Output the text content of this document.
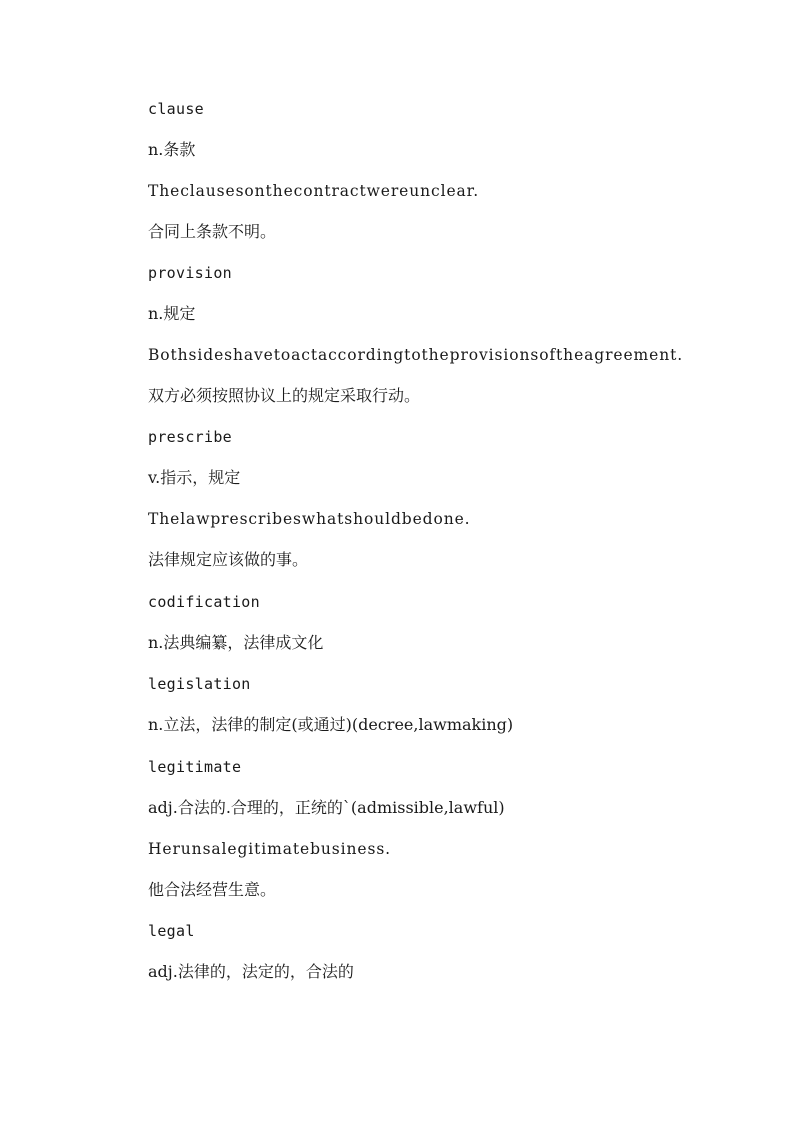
clause
n.条款
Theclausesonthecontractwereunclear.
合同上条款不明。
provision
n.规定
Bothsideshavetoactaccordingtotheprovisionsoftheagreement.
双方必须按照协议上的规定采取行动。
prescribe
v.指示，规定
Thelawprescribeswhatshouldbedone.
法律规定应该做的事。
codification
n.法典编纂，法律成文化
legislation
n.立法，法律的制定(或通过)(decree,lawmaking)
legitimate
adj.合法的.合理的，正统的`(admissible,lawful)
Herunsalegitimatebusiness.
他合法经营生意。
legal
adj.法律的，法定的，合法的
